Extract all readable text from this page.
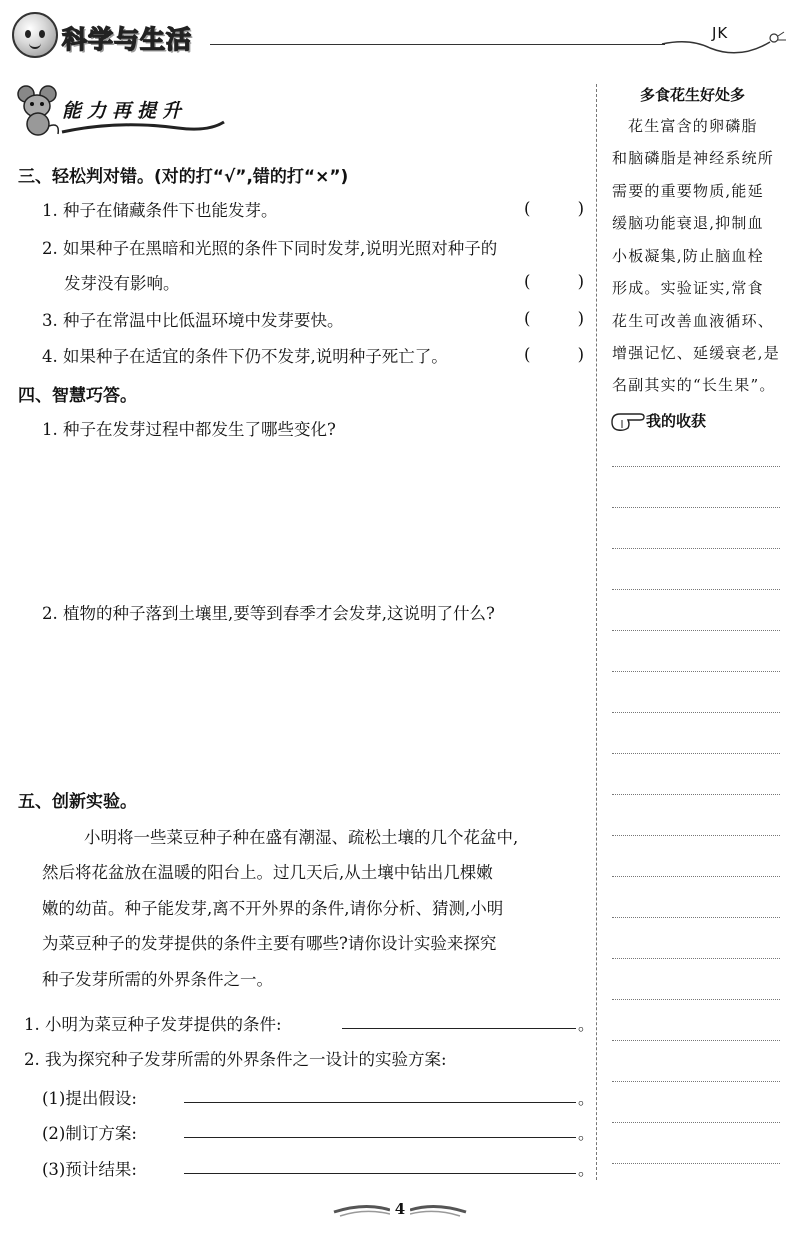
科学与生活	JK
能力再提升
三、轻松判对错。(对的打“√”,错的打“×”)
1. 种子在储藏条件下也能发芽。	(	)
2. 如果种子在黑暗和光照的条件下同时发芽,说明光照对种子的
发芽没有影响。	(	)
3. 种子在常温中比低温环境中发芽要快。	(	)
4. 如果种子在适宜的条件下仍不发芽,说明种子死亡了。	(	)
四、智慧巧答。
1. 种子在发芽过程中都发生了哪些变化?
2. 植物的种子落到土壤里,要等到春季才会发芽,这说明了什么?
五、创新实验。
小明将一些菜豆种子种在盛有潮湿、疏松土壤的几个花盆中,
然后将花盆放在温暖的阳台上。过几天后,从土壤中钻出几棵嫩
嫩的幼苗。种子能发芽,离不开外界的条件,请你分析、猜测,小明
为菜豆种子的发芽提供的条件主要有哪些?请你设计实验来探究
种子发芽所需的外界条件之一。
1. 小明为菜豆种子发芽提供的条件:	。
2. 我为探究种子发芽所需的外界条件之一设计的实验方案:
(1)提出假设:	。
(2)制订方案:	。
(3)预计结果:	。
多食花生好处多
花生富含的卵磷脂
和脑磷脂是神经系统所
需要的重要物质,能延
缓脑功能衰退,抑制血
小板凝集,防止脑血栓
形成。实验证实,常食
花生可改善血液循环、
增强记忆、延缓衰老,是
名副其实的“长生果”。
我的收获
4
